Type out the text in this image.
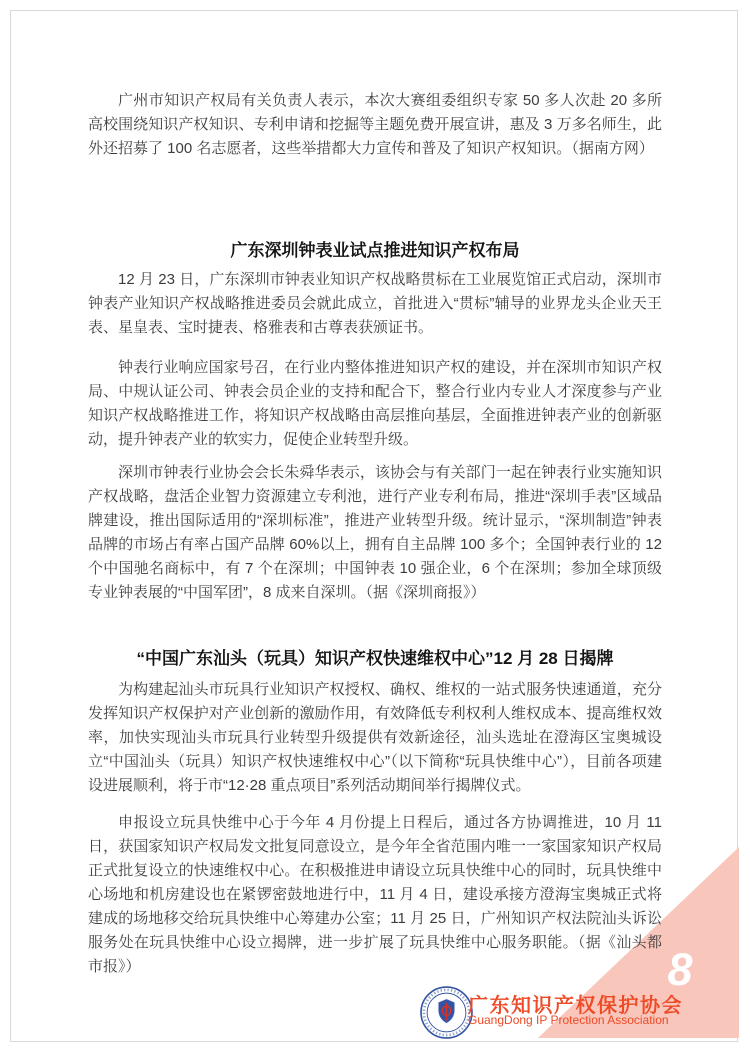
广州市知识产权局有关负责人表示，本次大赛组委组织专家 50 多人次赴 20 多所高校围绕知识产权知识、专利申请和挖掘等主题免费开展宣讲，惠及 3 万多名师生，此外还招募了 100 名志愿者，这些举措都大力宣传和普及了知识产权知识。（据南方网）

广东深圳钟表业试点推进知识产权布局

12 月 23 日，广东深圳市钟表业知识产权战略贯标在工业展览馆正式启动，深圳市钟表产业知识产权战略推进委员会就此成立，首批进入“贯标”辅导的业界龙头企业天王表、星皇表、宝时捷表、格雅表和古尊表获颁证书。

钟表行业响应国家号召，在行业内整体推进知识产权的建设，并在深圳市知识产权局、中规认证公司、钟表会员企业的支持和配合下，整合行业内专业人才深度参与产业知识产权战略推进工作，将知识产权战略由高层推向基层，全面推进钟表产业的创新驱动，提升钟表产业的软实力，促使企业转型升级。

深圳市钟表行业协会会长朱舜华表示，该协会与有关部门一起在钟表行业实施知识产权战略，盘活企业智力资源建立专利池，进行产业专利布局，推进“深圳手表”区域品牌建设，推出国际适用的“深圳标准”，推进产业转型升级。统计显示，“深圳制造”钟表品牌的市场占有率占国产品牌 60%以上，拥有自主品牌 100 多个；全国钟表行业的 12 个中国驰名商标中，有 7 个在深圳；中国钟表 10 强企业，6 个在深圳；参加全球顶级专业钟表展的“中国军团”，8 成来自深圳。（据《深圳商报》）

“中国广东汕头（玩具）知识产权快速维权中心”12 月 28 日揭牌

为构建起汕头市玩具行业知识产权授权、确权、维权的一站式服务快速通道，充分发挥知识产权保护对产业创新的激励作用，有效降低专利权利人维权成本、提高维权效率，加快实现汕头市玩具行业转型升级提供有效新途径，汕头选址在澄海区宝奥城设立“中国汕头（玩具）知识产权快速维权中心”（以下简称“玩具快维中心”），目前各项建设进展顺利，将于市“12·28 重点项目”系列活动期间举行揭牌仪式。

申报设立玩具快维中心于今年 4 月份提上日程后，通过各方协调推进，10 月 11 日，获国家知识产权局发文批复同意设立，是今年全省范围内唯一一家国家知识产权局正式批复设立的快速维权中心。在积极推进申请设立玩具快维中心的同时，玩具快维中心场地和机房建设也在紧锣密鼓地进行中，11 月 4 日，建设承接方澄海宝奥城正式将建成的场地移交给玩具快维中心筹建办公室；11 月 25 日，广州知识产权法院汕头诉讼服务处在玩具快维中心设立揭牌，进一步扩展了玩具快维中心服务职能。（据《汕头都市报》）	8

广东知识产权保护协会

GuangDong IP Protection Association
